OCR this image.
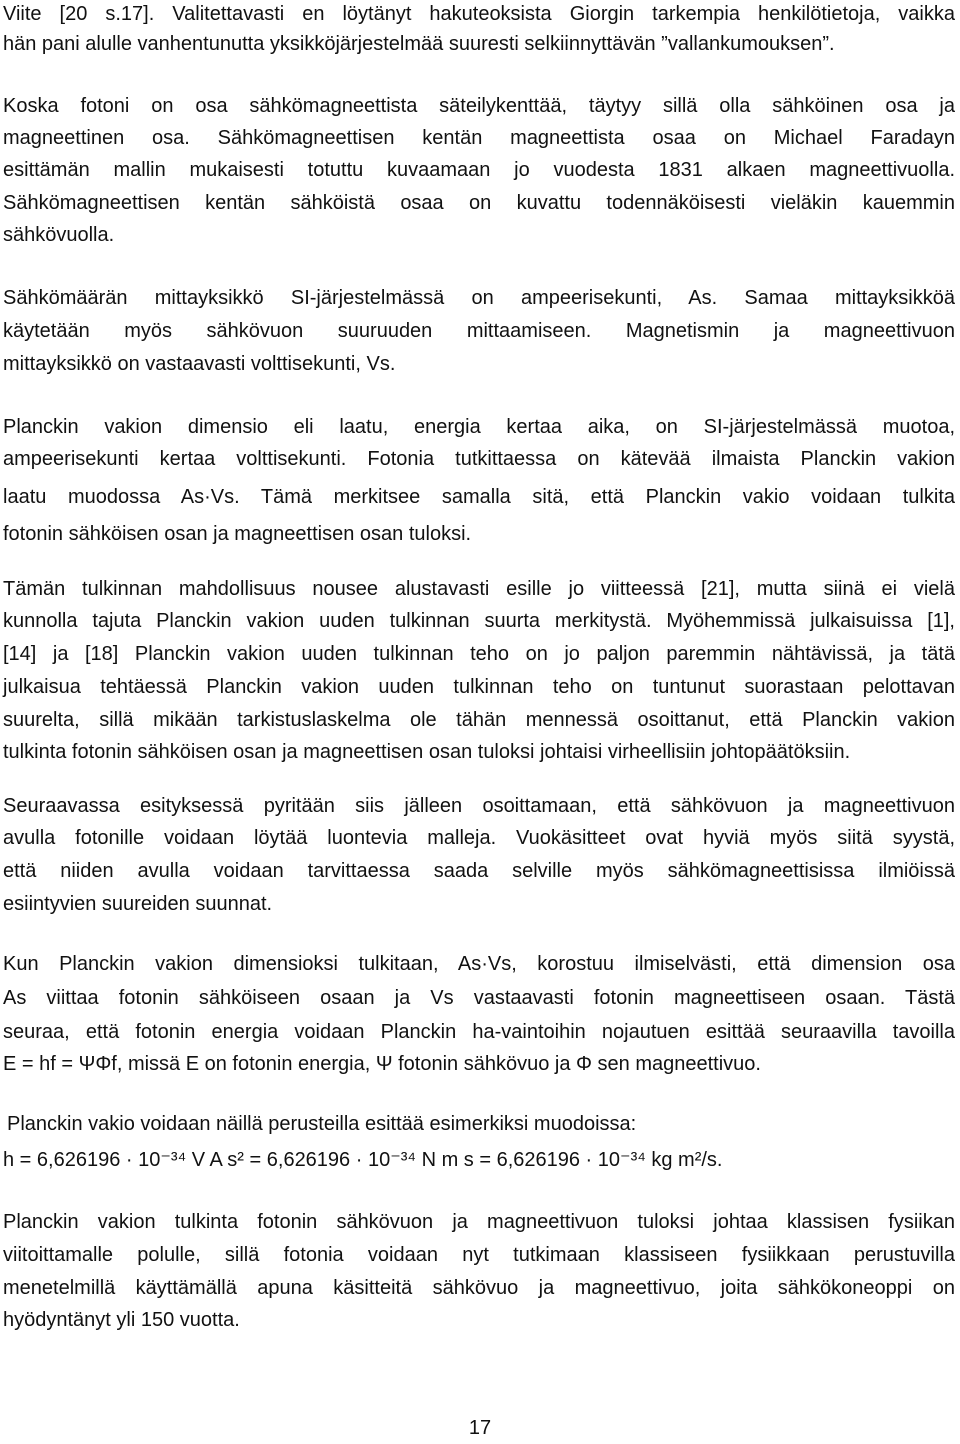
Viite [20 s.17]. Valitettavasti en löytänyt hakuteoksista Giorgin tarkempia henkilötietoja, vaikka
hän pani alulle vanhentunutta yksikköjärjestelmää suuresti selkiinnyttävän ”vallankumouksen”.
Koska fotoni on osa sähkömagneettista säteilykenttää, täytyy sillä olla sähköinen osa ja
magneettinen osa. Sähkömagneettisen kentän magneettista osaa on Michael Faradayn
esittämän mallin mukaisesti totuttu kuvaamaan jo vuodesta 1831 alkaen magneettivuolla.
Sähkömagneettisen kentän sähköistä osaa on kuvattu todennäköisesti vieläkin kauemmin
sähkövuolla.
Sähkömäärän mittayksikkö SI-järjestelmässä on ampeerisekunti, As. Samaa mittayksikköä
käytetään myös sähkövuon suuruuden mittaamiseen. Magnetismin ja magneettivuon
mittayksikkö on vastaavasti volttisekunti, Vs.
Planckin vakion dimensio eli laatu, energia kertaa aika, on SI-järjestelmässä muotoa,
ampeerisekunti kertaa volttisekunti. Fotonia tutkittaessa on kätevää ilmaista Planckin vakion
laatu muodossa As·Vs. Tämä merkitsee samalla sitä, että Planckin vakio voidaan tulkita
fotonin sähköisen osan ja magneettisen osan tuloksi.
Tämän tulkinnan mahdollisuus nousee alustavasti esille jo viitteessä [21], mutta siinä ei vielä
kunnolla tajuta Planckin vakion uuden tulkinnan suurta merkitystä. Myöhemmissä julkaisuissa [1],
[14] ja [18] Planckin vakion uuden tulkinnan teho on jo paljon paremmin nähtävissä, ja tätä
julkaisua tehtäessä Planckin vakion uuden tulkinnan teho on tuntunut suorastaan pelottavan
suurelta, sillä mikään tarkistuslaskelma ole tähän mennessä osoittanut, että Planckin vakion
tulkinta fotonin sähköisen osan ja magneettisen osan tuloksi johtaisi virheellisiin johtopäätöksiin.
Seuraavassa esityksessä pyritään siis jälleen osoittamaan, että sähkövuon ja magneettivuon
avulla fotonille voidaan löytää luontevia malleja. Vuokäsitteet ovat hyviä myös siitä syystä,
että niiden avulla voidaan tarvittaessa saada selville myös sähkömagneettisissa ilmiöissä
esiintyvien suureiden suunnat.
Kun Planckin vakion dimensioksi tulkitaan, As·Vs, korostuu ilmiselvästi, että dimension osa
As viittaa fotonin sähköiseen osaan ja Vs vastaavasti fotonin magneettiseen osaan. Tästä
seuraa, että fotonin energia voidaan Planckin ha-vaintoihin nojautuen esittää seuraavilla tavoilla
E = hf = ΨΦf, missä E on fotonin energia, Ψ fotonin sähkövuo ja Φ sen magneettivuo.
Planckin vakio voidaan näillä perusteilla esittää esimerkiksi muodoissa:
h = 6,626196 · 10⁻³⁴ V A s² = 6,626196 · 10⁻³⁴ N m s = 6,626196 · 10⁻³⁴ kg m²/s.
Planckin vakion tulkinta fotonin sähkövuon ja magneettivuon tuloksi johtaa klassisen fysiikan
viitoittamalle polulle, sillä fotonia voidaan nyt tutkimaan klassiseen fysiikkaan perustuvilla
menetelmillä käyttämällä apuna käsitteitä sähkövuo ja magneettivuo, joita sähkökoneoppi on
hyödyntänyt yli 150 vuotta.
17
